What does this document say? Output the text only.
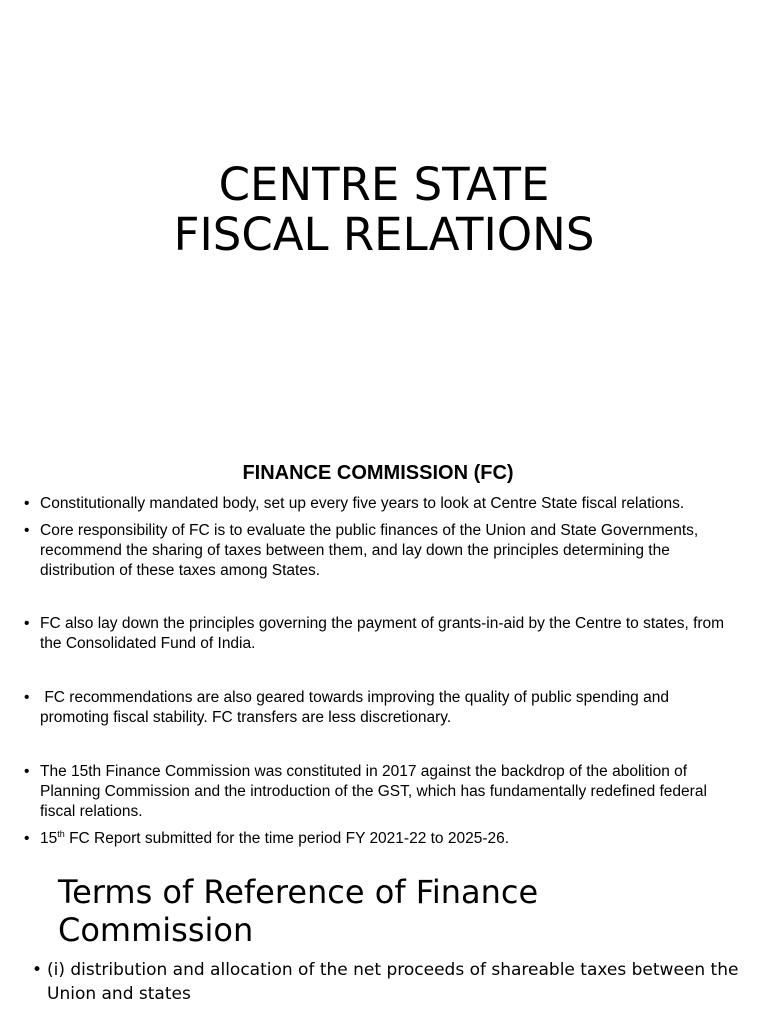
CENTRE STATE
FISCAL RELATIONS
FINANCE COMMISSION (FC)

• Constitutionally mandated body, set up every five years to look at Centre State fiscal relations.

• Core responsibility of FC is to evaluate the public finances of the Union and State Governments, recommend the sharing of taxes between them, and lay down the principles determining the distribution of these taxes among States.

• FC also lay down the principles governing the payment of grants-in-aid by the Centre to states, from the Consolidated Fund of India.

•  FC recommendations are also geared towards improving the quality of public spending and promoting fiscal stability. FC transfers are less discretionary.

• The 15th Finance Commission was constituted in 2017 against the backdrop of the abolition of Planning Commission and the introduction of the GST, which has fundamentally redefined federal fiscal relations.

• 15th FC Report submitted for the time period FY 2021-22 to 2025-26.

Terms of Reference of Finance
Commission

• (i) distribution and allocation of the net proceeds of shareable taxes between the Union and states
